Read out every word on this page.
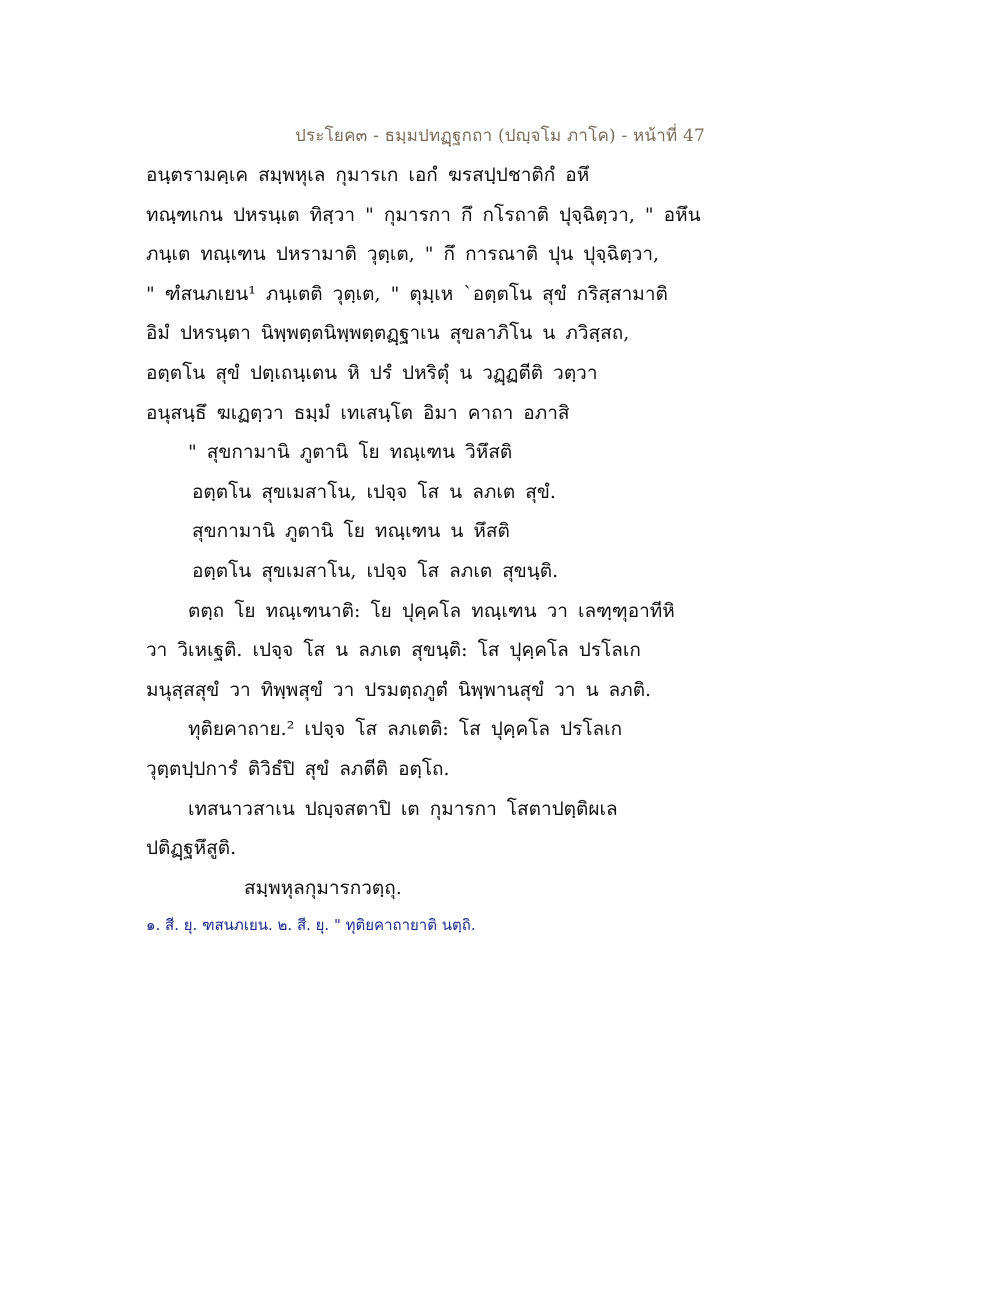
ประโยค๓ - ธมฺมปทฏฺฐกถา (ปญฺจโม ภาโค) - หน้าที่ 47
อนฺตรามคฺเค สมฺพหุเล กุมารเก เอกํ ฆรสปฺปชาติกํ อหึ
ทณฺฑเกน ปหรนฺเต ทิสฺวา " กุมารกา กึ กโรถาติ ปุจฺฉิตฺวา, " อหึน
ภนฺเต ทณฺเฑน ปหรามาติ วุตฺเต, " กึ การณาติ ปุน ปุจฺฉิตฺวา,
" ฑํสนภเยน¹ ภนฺเตติ วุตฺเต, " ตุมฺเห `อตฺตโน สุขํ กริสฺสามาติ
อิมํ ปหรนฺตา นิพฺพตฺตนิพฺพตฺตฏฺฐาเน สุขลาภิโน น ภวิสฺสถ,
อตฺตโน สุขํ ปตฺเถนฺเตน หิ ปรํ ปหริตุํ น วฏฺฏตีติ วตฺวา
อนุสนฺธึ ฆเฏตฺวา ธมฺมํ เทเสนฺโต อิมา คาถา อภาสิ
" สุขกามานิ ภูตานิ โย ทณฺเฑน วิหึสติ
อตฺตโน สุขเมสาโน, เปจฺจ โส น ลภเต สุขํ.
สุขกามานิ ภูตานิ โย ทณฺเฑน น หึสติ
อตฺตโน สุขเมสาโน, เปจฺจ โส ลภเต สุขนฺติ.
ตตฺถ โย ทณฺเฑนาติ: โย ปุคฺคโล ทณฺเฑน วา เลฑฺฑุอาทีหิ
วา วิเหเฐติ. เปจฺจ โส น ลภเต สุขนฺติ: โส ปุคฺคโล ปรโลเก
มนุสฺสสุขํ วา ทิพฺพสุขํ วา ปรมตฺถภูตํ นิพฺพานสุขํ วา น ลภติ.
ทุติยคาถาย.² เปจฺจ โส ลภเตติ: โส ปุคฺคโล ปรโลเก
วุตฺตปฺปการํ ติวิธํปิ สุขํ ลภตีติ อตฺโถ.
เทสนาวสาเน ปญฺจสตาปิ เต กุมารกา โสตาปตฺติผเล
ปติฏฺฐหึสูติ.
สมฺพหุลกุมารกวตฺถุ.
๑. สี. ยุ. ฑสนภเยน. ๒. สี. ยุ. " ทุติยคาถายาติ นตฺถิ.
